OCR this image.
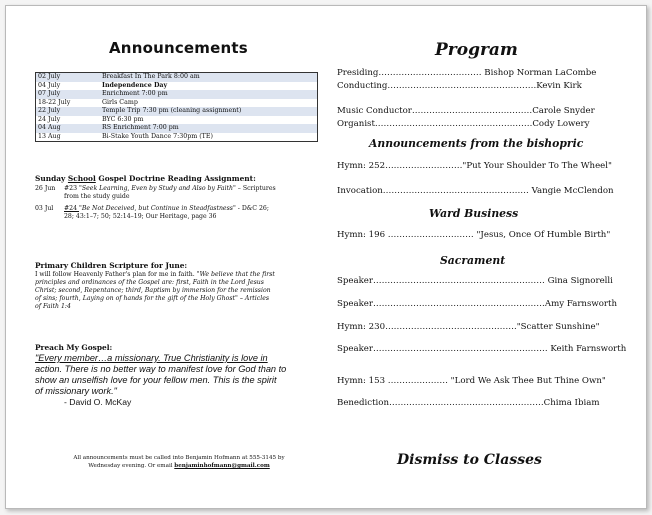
Announcements
02 July	Breakfast In The Park 8:00 am
04 July	Independence Day
07 July	Enrichment 7:00 pm
18-22 July	Girls Camp
22 July	Temple Trip 7:30 pm (cleaning assignment)
24 July	BYC 6:30 pm
04 Aug	RS Enrichment 7:00 pm
13 Aug	Bi-Stake Youth Dance 7:30pm (TE)
Sunday School Gospel Doctrine Reading Assignment:
26 Jun #23 "Seek Learning, Even by Study and Also by Faith" – Scriptures
from the study guide
03 Jul #24 "Be Not Deceived, but Continue in Steadfastness" - D&C 26;
28; 43:1–7; 50; 52:14–19; Our Heritage, page 36
Primary Children Scripture for June:
I will follow Heavenly Father's plan for me in faith. "We believe that the first
principles and ordinances of the Gospel are: first, Faith in the Lord Jesus
Christ; second, Repentance; third, Baptism by immersion for the remission
of sins; fourth, Laying on of hands for the gift of the Holy Ghost" – Articles
of Faith 1:4
Preach My Gospel:
"Every member…a missionary. True Christianity is love in
action. There is no better way to manifest love for God than to
show an unselfish love for your fellow men. This is the spirit
of missionary work."
- David O. McKay
All announcements must be called into Benjamin Hofmann at 555-3145 by
Wednesday evening. Or email benjaminhofmann@gmail.com
Program
Presiding……………………………… Bishop Norman LaCombe
Conducting…………………………………………….Kevin Kirk
Music Conductor……………………………………Carole Snyder
Organist……………………………………………….Cody Lowery
Announcements from the bishopric
Hymn: 252………………………"Put Your Shoulder To The Wheel"
Invocation…………………………………………… Vangie McClendon
Ward Business
Hymn: 196 ………………………… "Jesus, Once Of Humble Birth"
Sacrament
Speaker…………………………………………………… Gina Signorelli
Speaker……………………………………………………Amy Farnsworth
Hymn: 230………………………………………."Scatter Sunshine"
Speaker……………………………………………………. Keith Farnsworth
Hymn: 153 ………………… "Lord We Ask Thee But Thine Own"
Benediction………………………………………………Chima Ibiam
Dismiss to Classes
